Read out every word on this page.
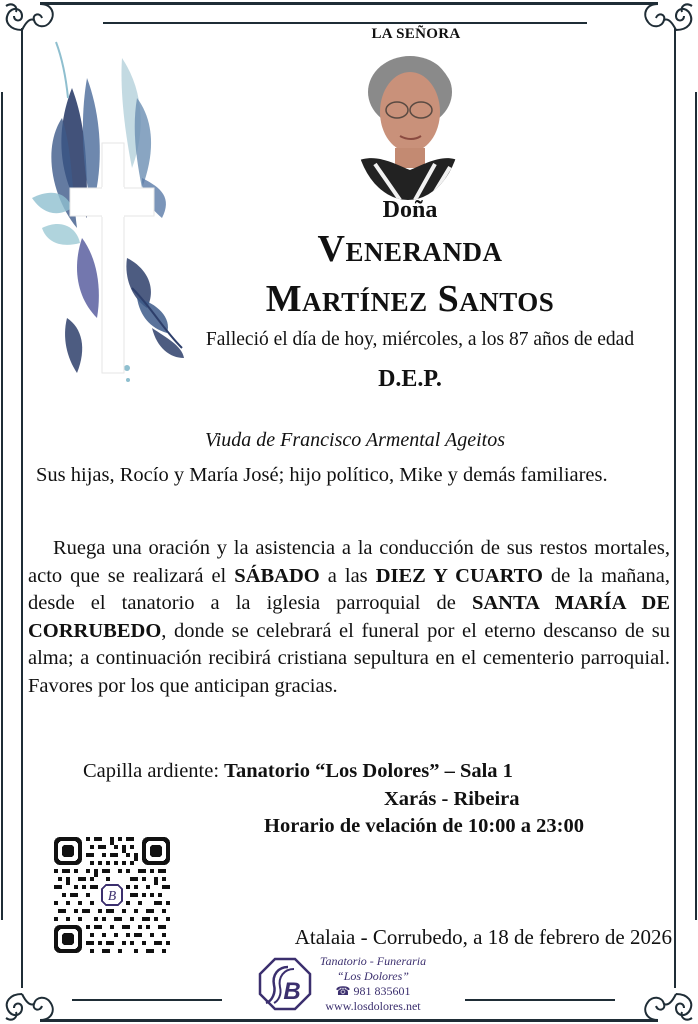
LA SEÑORA
Doña
Veneranda
Martínez Santos
Falleció el día de hoy, miércoles, a los 87 años de edad
D.E.P.
Viuda de Francisco Armental Ageitos
Sus hijas, Rocío y María José; hijo político, Mike y demás familiares.
Ruega una oración y la asistencia a la conducción de sus restos mortales, acto que se realizará el SÁBADO a las DIEZ Y CUARTO de la mañana, desde el tanatorio a la iglesia parroquial de SANTA MARÍA DE CORRUBEDO, donde se celebrará el funeral por el eterno descanso de su alma; a continuación recibirá cristiana sepultura en el cementerio parroquial. Favores por los que anticipan gracias.
Capilla ardiente: Tanatorio “Los Dolores” – Sala 1
Xarás - Ribeira
Horario de velación de 10:00 a 23:00
B
Atalaia - Corrubedo, a 18 de febrero de 2026
B
Tanatorio - Funeraria
“Los Dolores”
☎ 981 835601
www.losdolores.net
